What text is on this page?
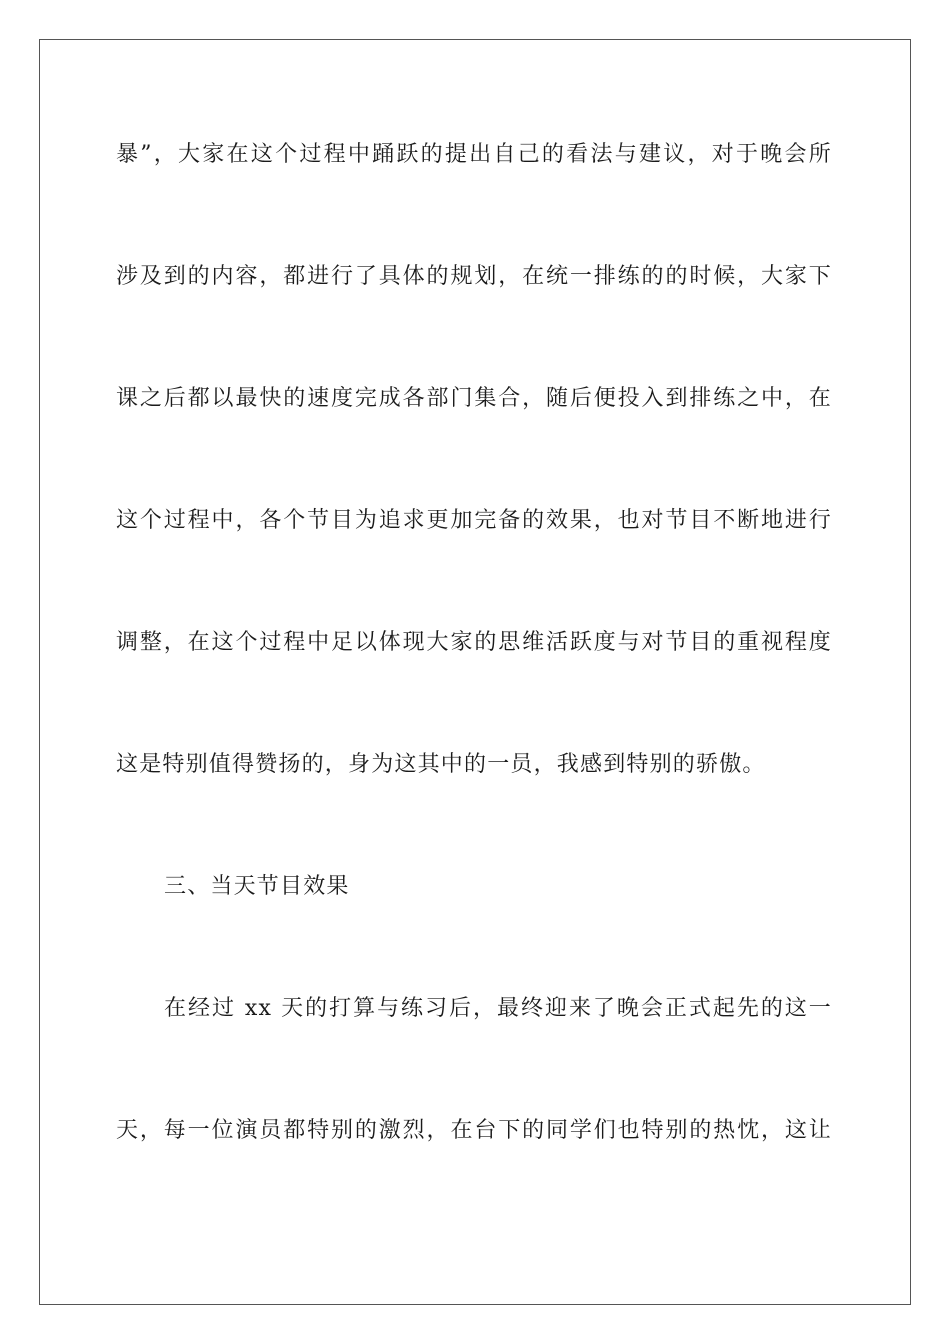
暴”，大家在这个过程中踊跃的提出自己的看法与建议，对于晚会所
涉及到的内容，都进行了具体的规划，在统一排练的的时候，大家下
课之后都以最快的速度完成各部门集合，随后便投入到排练之中，在
这个过程中，各个节目为追求更加完备的效果，也对节目不断地进行
调整，在这个过程中足以体现大家的思维活跃度与对节目的重视程度
这是特别值得赞扬的，身为这其中的一员，我感到特别的骄傲。
三、当天节目效果
在经过 xx 天的打算与练习后，最终迎来了晚会正式起先的这一
天，每一位演员都特别的激烈，在台下的同学们也特别的热忱，这让
